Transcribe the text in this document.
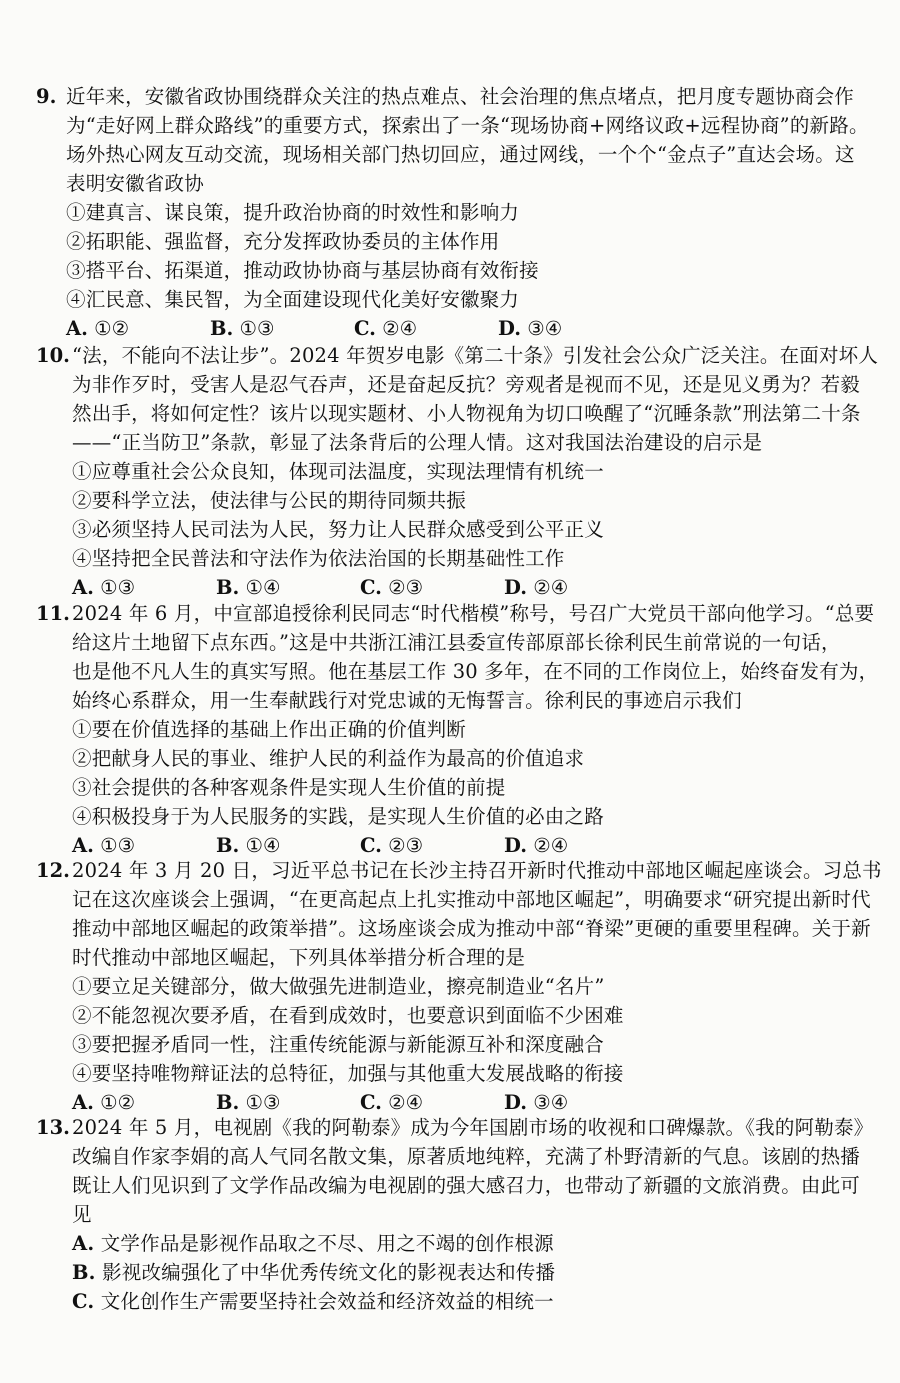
9. 近年来，安徽省政协围绕群众关注的热点难点、社会治理的焦点堵点，把月度专题协商会作
为“走好网上群众路线”的重要方式，探索出了一条“现场协商+网络议政+远程协商”的新路。
场外热心网友互动交流，现场相关部门热切回应，通过网线，一个个“金点子”直达会场。这
表明安徽省政协
①建真言、谋良策，提升政治协商的时效性和影响力
②拓职能、强监督，充分发挥政协委员的主体作用
③搭平台、拓渠道，推动政协协商与基层协商有效衔接
④汇民意、集民智，为全面建设现代化美好安徽聚力
A. ①②	B. ①③	C. ②④	D. ③④
10. “法，不能向不法让步”。2024 年贺岁电影《第二十条》引发社会公众广泛关注。在面对坏人
为非作歹时，受害人是忍气吞声，还是奋起反抗？旁观者是视而不见，还是见义勇为？若毅
然出手，将如何定性？该片以现实题材、小人物视角为切口唤醒了“沉睡条款”刑法第二十条
——“正当防卫”条款，彰显了法条背后的公理人情。这对我国法治建设的启示是
①应尊重社会公众良知，体现司法温度，实现法理情有机统一
②要科学立法，使法律与公民的期待同频共振
③必须坚持人民司法为人民，努力让人民群众感受到公平正义
④坚持把全民普法和守法作为依法治国的长期基础性工作
A. ①③	B. ①④	C. ②③	D. ②④
11. 2024 年 6 月，中宣部追授徐利民同志“时代楷模”称号，号召广大党员干部向他学习。“总要
给这片土地留下点东西。”这是中共浙江浦江县委宣传部原部长徐利民生前常说的一句话，
也是他不凡人生的真实写照。他在基层工作 30 多年，在不同的工作岗位上，始终奋发有为，
始终心系群众，用一生奉献践行对党忠诚的无悔誓言。徐利民的事迹启示我们
①要在价值选择的基础上作出正确的价值判断
②把献身人民的事业、维护人民的利益作为最高的价值追求
③社会提供的各种客观条件是实现人生价值的前提
④积极投身于为人民服务的实践，是实现人生价值的必由之路
A. ①③	B. ①④	C. ②③	D. ②④
12. 2024 年 3 月 20 日，习近平总书记在长沙主持召开新时代推动中部地区崛起座谈会。习总书
记在这次座谈会上强调，“在更高起点上扎实推动中部地区崛起”，明确要求“研究提出新时代
推动中部地区崛起的政策举措”。这场座谈会成为推动中部“脊梁”更硬的重要里程碑。关于新
时代推动中部地区崛起，下列具体举措分析合理的是
①要立足关键部分，做大做强先进制造业，擦亮制造业“名片”
②不能忽视次要矛盾，在看到成效时，也要意识到面临不少困难
③要把握矛盾同一性，注重传统能源与新能源互补和深度融合
④要坚持唯物辩证法的总特征，加强与其他重大发展战略的衔接
A. ①②	B. ①③	C. ②④	D. ③④
13. 2024 年 5 月，电视剧《我的阿勒泰》成为今年国剧市场的收视和口碑爆款。《我的阿勒泰》
改编自作家李娟的高人气同名散文集，原著质地纯粹，充满了朴野清新的气息。该剧的热播
既让人们见识到了文学作品改编为电视剧的强大感召力，也带动了新疆的文旅消费。由此可
见
A. 文学作品是影视作品取之不尽、用之不竭的创作根源
B. 影视改编强化了中华优秀传统文化的影视表达和传播
C. 文化创作生产需要坚持社会效益和经济效益的相统一
